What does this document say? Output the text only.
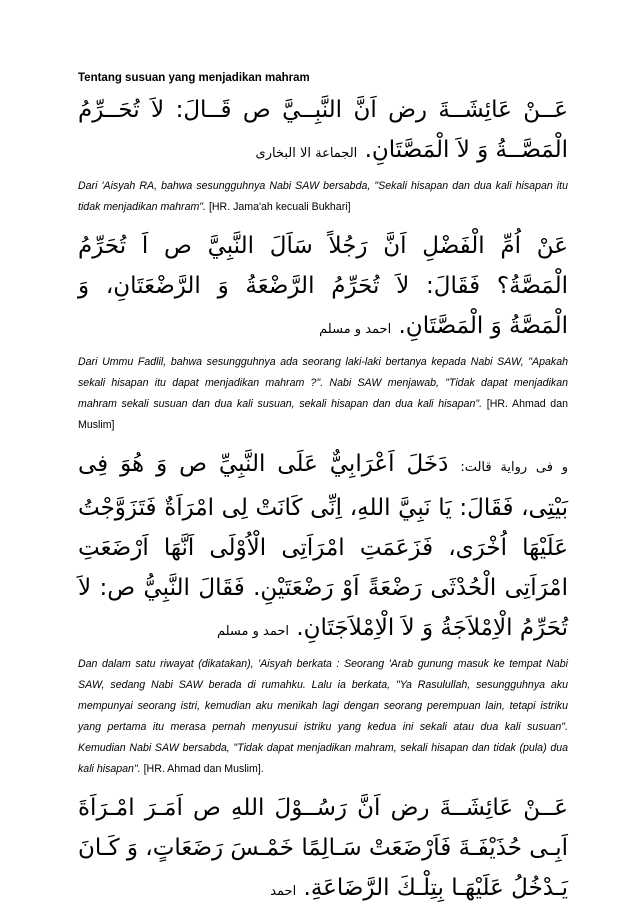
Tentang susuan yang menjadikan mahram

عَــنْ عَائِشَــةَ رض اَنَّ النَّبِــيَّ ص قَــالَ: لاَ تُحَــرِّمُ الْمَصَّــةُ وَ لاَ الْمَصَّتَانِ. الجماعة الا البخارى

Dari 'Aisyah RA, bahwa sesungguhnya Nabi SAW bersabda, "Sekali hisapan dan dua kali hisapan itu tidak menjadikan mahram". [HR. Jama'ah kecuali Bukhari]

عَنْ اُمِّ الْفَضْلِ اَنَّ رَجُلاً سَاَلَ النَّبِيَّ ص اَ تُحَرِّمُ الْمَصَّةُ؟ فَقَالَ: لاَ تُحَرِّمُ الرَّضْعَةُ وَ الرَّضْعَتَانِ، وَ الْمَصَّةُ وَ الْمَصَّتَانِ. احمد و مسلم

Dari Ummu Fadlil, bahwa sesungguhnya ada seorang laki-laki bertanya kepada Nabi SAW, "Apakah sekali hisapan itu dapat menjadikan mahram ?". Nabi SAW menjawab, "Tidak dapat menjadikan mahram sekali susuan dan dua kali susuan, sekali hisapan dan dua kali hisapan". [HR. Ahmad dan Muslim]

و فى رواية قالت: دَخَلَ اَعْرَابِيٌّ عَلَى النَّبِيِّ ص وَ هُوَ فِى بَيْتِى، فَقَالَ: يَا نَبِيَّ اللهِ، اِنِّى كَانَتْ لِى امْرَاَةٌ فَتَزَوَّجْتُ عَلَيْهَا اُخْرَى، فَزَعَمَتِ امْرَاَتِى الْاُوْلَى اَنَّهَا اَرْضَعَتِ امْرَاَتِى الْحُدْثَى رَضْعَةً اَوْ رَضْعَتَيْنِ. فَقَالَ النَّبِيُّ ص: لاَ تُحَرِّمُ الْاِمْلاَجَةُ وَ لاَ الْاِمْلاَجَتَانِ. احمد و مسلم

Dan dalam satu riwayat (dikatakan), 'Aisyah berkata : Seorang 'Arab gunung masuk ke tempat Nabi SAW, sedang Nabi SAW berada di rumahku. Lalu ia berkata, "Ya Rasulullah, sesungguhnya aku mempunyai seorang istri, kemudian aku menikah lagi dengan seorang perempuan lain, tetapi istriku yang pertama itu merasa pernah menyusui istriku yang kedua ini sekali atau dua kali susuan". Kemudian Nabi SAW bersabda, "Tidak dapat menjadikan mahram, sekali hisapan dan tidak (pula) dua kali hisapan". [HR. Ahmad dan Muslim].

عَــنْ عَائِشَــةَ رض اَنَّ رَسُــوْلَ اللهِ ص اَمَـرَ امْـرَاَةَ اَبِـى حُذَيْفَـةَ فَاَرْضَعَتْ سَـالِمًا خَمْـسَ رَضَعَاتٍ، وَ كَـانَ يَـدْخُلُ عَلَيْهَـا بِتِلْـكَ الرَّضَاعَةِ. احمد
